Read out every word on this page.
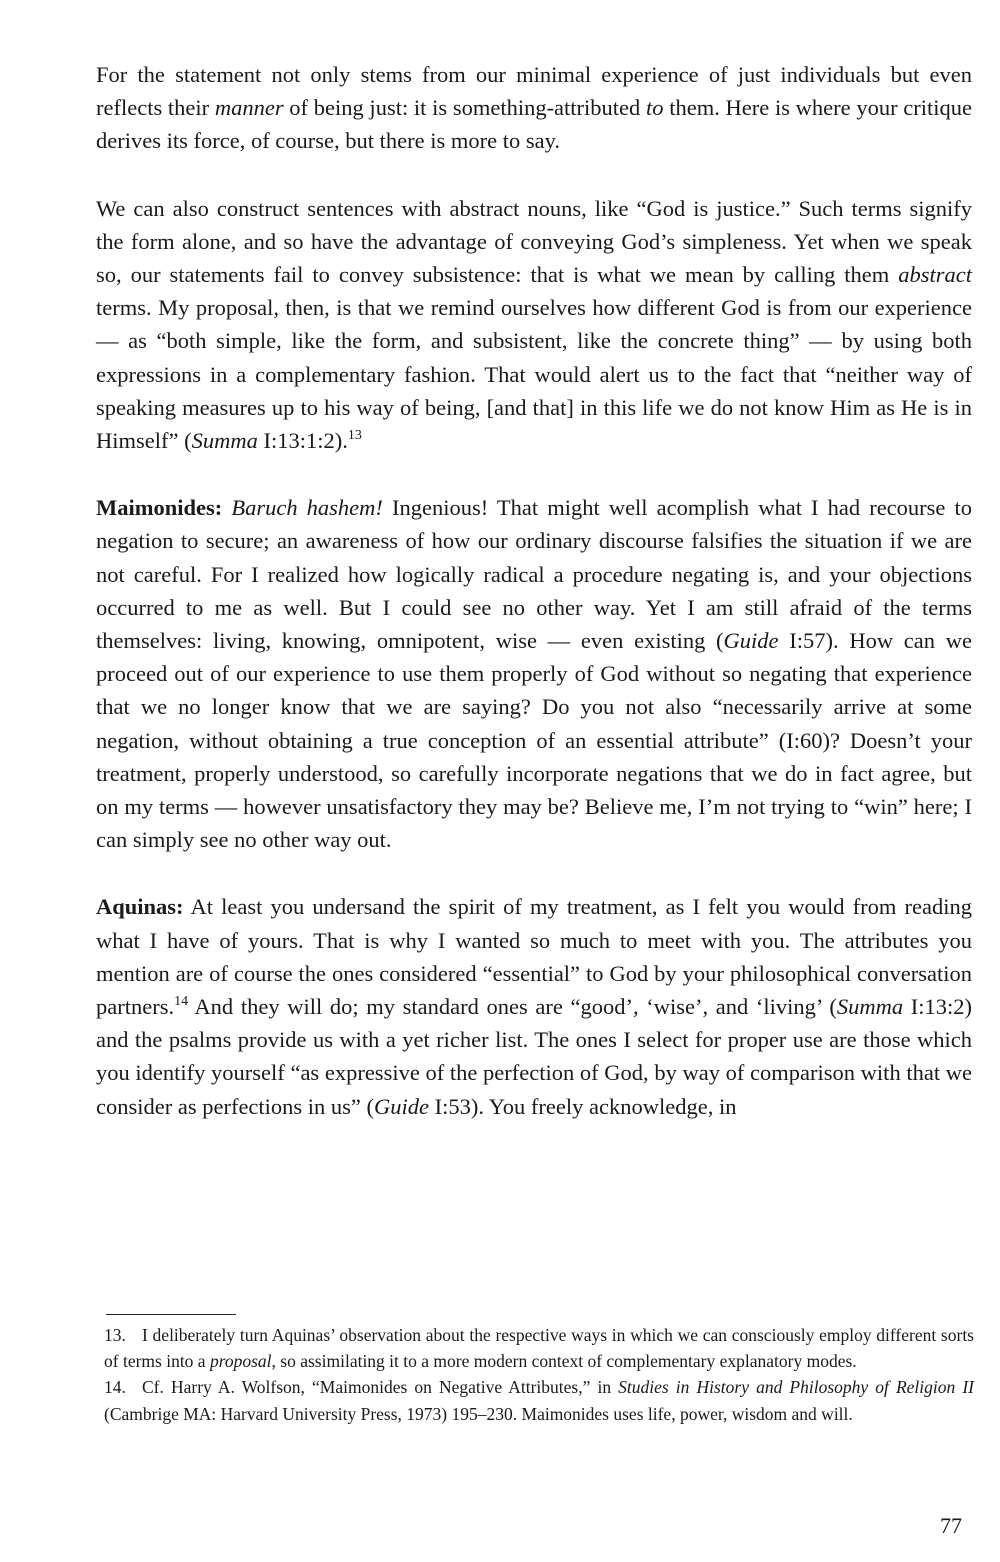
For the statement not only stems from our minimal experience of just individuals but even reflects their manner of being just: it is something-attributed to them. Here is where your critique derives its force, of course, but there is more to say.

We can also construct sentences with abstract nouns, like “God is justice.” Such terms signify the form alone, and so have the advantage of conveying God’s simpleness. Yet when we speak so, our statements fail to convey subsistence: that is what we mean by calling them abstract terms. My proposal, then, is that we remind ourselves how different God is from our experience — as “both simple, like the form, and subsistent, like the concrete thing” — by using both expressions in a complementary fashion. That would alert us to the fact that “neither way of speaking measures up to his way of being, [and that] in this life we do not know Him as He is in Himself” (Summa I:13:1:2).$^{13}$

Maimonides: Baruch hashem! Ingenious! That might well acomplish what I had recourse to negation to secure; an awareness of how our ordinary discourse falsifies the situation if we are not careful. For I realized how logically radical a procedure negating is, and your objections occurred to me as well. But I could see no other way. Yet I am still afraid of the terms themselves: living, knowing, omnipotent, wise — even existing (Guide I:57). How can we proceed out of our experience to use them properly of God without so negating that experience that we no longer know that we are saying? Do you not also “necessarily arrive at some negation, without obtaining a true conception of an essential attribute” (I:60)? Doesn’t your treatment, properly understood, so carefully incorporate negations that we do in fact agree, but on my terms — however unsatisfactory they may be? Believe me, I’m not trying to “win” here; I can simply see no other way out.

Aquinas: At least you undersand the spirit of my treatment, as I felt you would from reading what I have of yours. That is why I wanted so much to meet with you. The attributes you mention are of course the ones considered “essential” to God by your philosophical conversation partners.$^{14}$ And they will do; my standard ones are “good’, ‘wise’, and ‘living’ (Summa I:13:2) and the psalms provide us with a yet richer list. The ones I select for proper use are those which you identify yourself “as expressive of the perfection of God, by way of comparison with that we consider as perfections in us” (Guide I:53). You freely acknowledge, in

13. I deliberately turn Aquinas’ observation about the respective ways in which we can consciously employ different sorts of terms into a proposal, so assimilating it to a more modern context of complementary explanatory modes.

14. Cf. Harry A. Wolfson, “Maimonides on Negative Attributes,” in Studies in History and Philosophy of Religion II (Cambrige MA: Harvard University Press, 1973) 195–230. Maimonides uses life, power, wisdom and will.

77
